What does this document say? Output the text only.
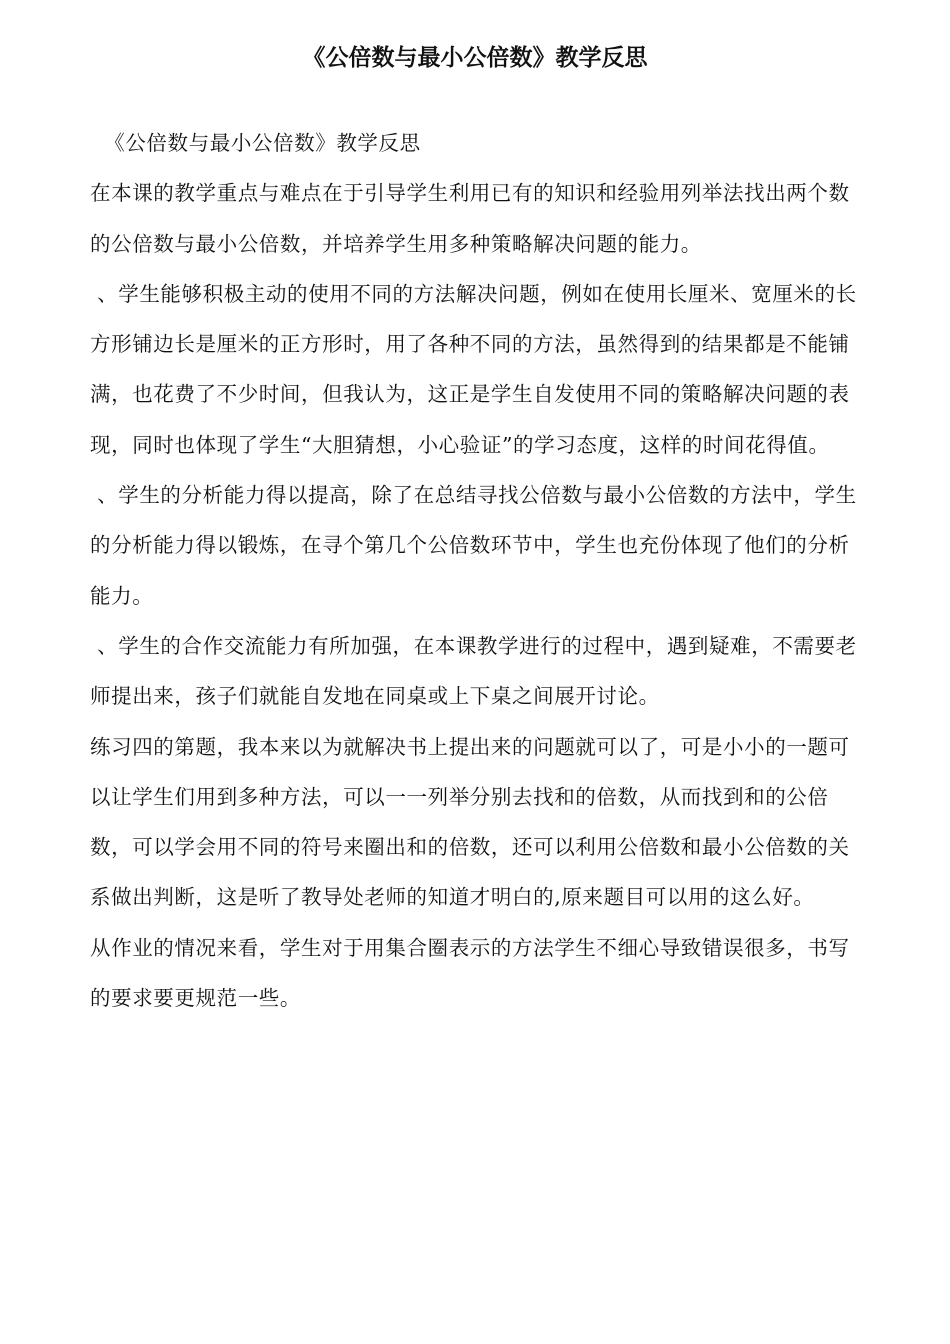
《公倍数与最小公倍数》教学反思

《公倍数与最小公倍数》教学反思

在本课的教学重点与难点在于引导学生利用已有的知识和经验用列举法找出两个数的公倍数与最小公倍数，并培养学生用多种策略解决问题的能力。

、学生能够积极主动的使用不同的方法解决问题，例如在使用长厘米、宽厘米的长方形铺边长是厘米的正方形时，用了各种不同的方法，虽然得到的结果都是不能铺满，也花费了不少时间，但我认为，这正是学生自发使用不同的策略解决问题的表现，同时也体现了学生“大胆猜想，小心验证”的学习态度，这样的时间花得值。

、学生的分析能力得以提高，除了在总结寻找公倍数与最小公倍数的方法中，学生的分析能力得以锻炼，在寻个第几个公倍数环节中，学生也充份体现了他们的分析能力。

、学生的合作交流能力有所加强，在本课教学进行的过程中，遇到疑难，不需要老师提出来，孩子们就能自发地在同桌或上下桌之间展开讨论。

练习四的第题，我本来以为就解决书上提出来的问题就可以了，可是小小的一题可以让学生们用到多种方法，可以一一列举分别去找和的倍数，从而找到和的公倍数，可以学会用不同的符号来圈出和的倍数，还可以利用公倍数和最小公倍数的关系做出判断，这是听了教导处老师的知道才明白的,原来题目可以用的这么好。

从作业的情况来看，学生对于用集合圈表示的方法学生不细心导致错误很多，书写的要求要更规范一些。
